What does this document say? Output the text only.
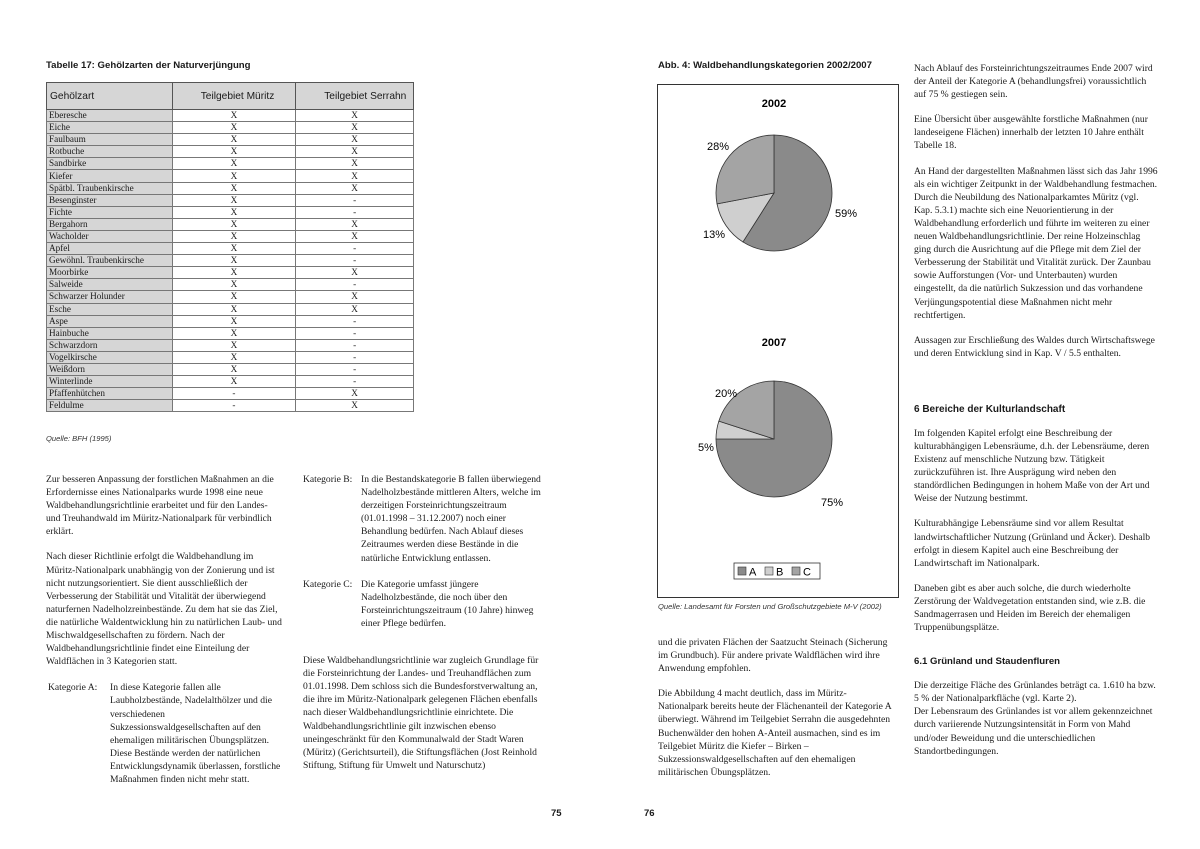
Tabelle 17: Gehölzarten der Naturverjüngung
Gehölzart	Teilgebiet Müritz	Teilgebiet Serrahn
Eberesche	X	X
Eiche	X	X
Faulbaum	X	X
Rotbuche	X	X
Sandbirke	X	X
Kiefer	X	X
Spätbl. Traubenkirsche	X	X
Besenginster	X	-
Fichte	X	-
Bergahorn	X	X
Wacholder	X	X
Apfel	X	-
Gewöhnl. Traubenkirsche	X	-
Moorbirke	X	X
Salweide	X	-
Schwarzer Holunder	X	X
Esche	X	X
Aspe	X	-
Hainbuche	X	-
Schwarzdorn	X	-
Vogelkirsche	X	-
Weißdorn	X	-
Winterlinde	X	-
Pfaffenhütchen	-	X
Feldulme	-	X
Quelle: BFH (1995)

Zur besseren Anpassung der forstlichen Maßnahmen an die Erfordernisse eines Nationalparks wurde 1998 eine neue Waldbehandlungsrichtlinie erarbeitet und für den Landes- und Treuhandwald im Müritz-Nationalpark für verbindlich erklärt.

Nach dieser Richtlinie erfolgt die Waldbehandlung im Müritz-Nationalpark unabhängig von der Zonierung und ist nicht nutzungsorientiert. Sie dient ausschließlich der Verbesserung der Stabilität und Vitalität der überwiegend naturfernen Nadelholzreinbestände. Zu dem hat sie das Ziel, die natürliche Waldentwicklung hin zu natürlichen Laub- und Mischwaldgesellschaften zu fördern. Nach der Waldbehandlungsrichtlinie findet eine Einteilung der Waldflächen in 3 Kategorien statt.

Kategorie A:	In diese Kategorie fallen alle Laubholzbestände, Nadelalthölzer und die verschiedenen Sukzessionswaldgesellschaften auf den ehemaligen militärischen Übungsplätzen. Diese Bestände werden der natürlichen Entwicklungsdynamik überlassen, forstliche Maßnahmen finden nicht mehr statt.
Kategorie B: In die Bestandskategorie B fallen überwiegend Nadelholzbestände mittleren Alters, welche im derzeitigen Forsteinrichtungszeitraum (01.01.1998 – 31.12.2007) noch einer Behandlung bedürfen. Nach Ablauf dieses Zeitraumes werden diese Bestände in die natürliche Entwicklung entlassen.
Kategorie C: Die Kategorie umfasst jüngere Nadelholzbestände, die noch über den Forsteinrichtungszeitraum (10 Jahre) hinweg einer Pflege bedürfen.

Diese Waldbehandlungsrichtlinie war zugleich Grundlage für die Forsteinrichtung der Landes- und Treuhandflächen zum 01.01.1998. Dem schloss sich die Bundesforstverwaltung an, die ihre im Müritz-Nationalpark gelegenen Flächen ebenfalls nach dieser Waldbehandlungsrichtlinie einrichtete. Die Waldbehandlungsrichtlinie gilt inzwischen ebenso uneingeschränkt für den Kommunalwald der Stadt Waren (Müritz) (Gerichtsurteil), die Stiftungsflächen (Jost Reinhold Stiftung, Stiftung für Umwelt und Naturschutz)

75
Abb. 4: Waldbehandlungskategorien 2002/2007
2002
59%
13%
28%
2007
75%
5%
20%
A B C
Quelle: Landesamt für Forsten und Großschutzgebiete M-V (2002)

und die privaten Flächen der Saatzucht Steinach (Sicherung im Grundbuch). Für andere private Waldflächen wird ihre Anwendung empfohlen.

Die Abbildung 4 macht deutlich, dass im Müritz-Nationalpark bereits heute der Flächenanteil der Kategorie A überwiegt. Während im Teilgebiet Serrahn die ausgedehnten Buchenwälder den hohen A-Anteil ausmachen, sind es im Teilgebiet Müritz die Kiefer – Birken – Sukzessionswaldgesellschaften auf den ehemaligen militärischen Übungsplätzen.

Nach Ablauf des Forsteinrichtungszeitraumes Ende 2007 wird der Anteil der Kategorie A (behandlungsfrei) voraussichtlich auf 75 % gestiegen sein.

Eine Übersicht über ausgewählte forstliche Maßnahmen (nur landeseigene Flächen) innerhalb der letzten 10 Jahre enthält Tabelle 18.

An Hand der dargestellten Maßnahmen lässt sich das Jahr 1996 als ein wichtiger Zeitpunkt in der Waldbehandlung festmachen. Durch die Neubildung des Nationalparkamtes Müritz (vgl. Kap. 5.3.1) machte sich eine Neuorientierung in der Waldbehandlung erforderlich und führte im weiteren zu einer neuen Waldbehandlungsrichtlinie. Der reine Holzeinschlag ging durch die Ausrichtung auf die Pflege mit dem Ziel der Verbesserung der Stabilität und Vitalität zurück. Der Zaunbau sowie Aufforstungen (Vor- und Unterbauten) wurden eingestellt, da die natürlich Sukzession und das vorhandene Verjüngungspotential diese Maßnahmen nicht mehr rechtfertigen.

Aussagen zur Erschließung des Waldes durch Wirtschaftswege und deren Entwicklung sind in Kap. V / 5.5 enthalten.

6 Bereiche der Kulturlandschaft

Im folgenden Kapitel erfolgt eine Beschreibung der kulturabhängigen Lebensräume, d.h. der Lebensräume, deren Existenz auf menschliche Nutzung bzw. Tätigkeit zurückzuführen ist. Ihre Ausprägung wird neben den standördlichen Bedingungen in hohem Maße von der Art und Weise der Nutzung bestimmt.

Kulturabhängige Lebensräume sind vor allem Resultat landwirtschaftlicher Nutzung (Grünland und Äcker). Deshalb erfolgt in diesem Kapitel auch eine Beschreibung der Landwirtschaft im Nationalpark.

Daneben gibt es aber auch solche, die durch wiederholte Zerstörung der Waldvegetation entstanden sind, wie z.B. die Sandmagerrasen und Heiden im Bereich der ehemaligen Truppenübungsplätze.

6.1 Grünland und Staudenfluren

Die derzeitige Fläche des Grünlandes beträgt ca. 1.610 ha bzw. 5 % der Nationalparkfläche (vgl. Karte 2).
Der Lebensraum des Grünlandes ist vor allem gekennzeichnet durch variierende Nutzungsintensität in Form von Mahd und/oder Beweidung und die unterschiedlichen Standortbedingungen.

76
